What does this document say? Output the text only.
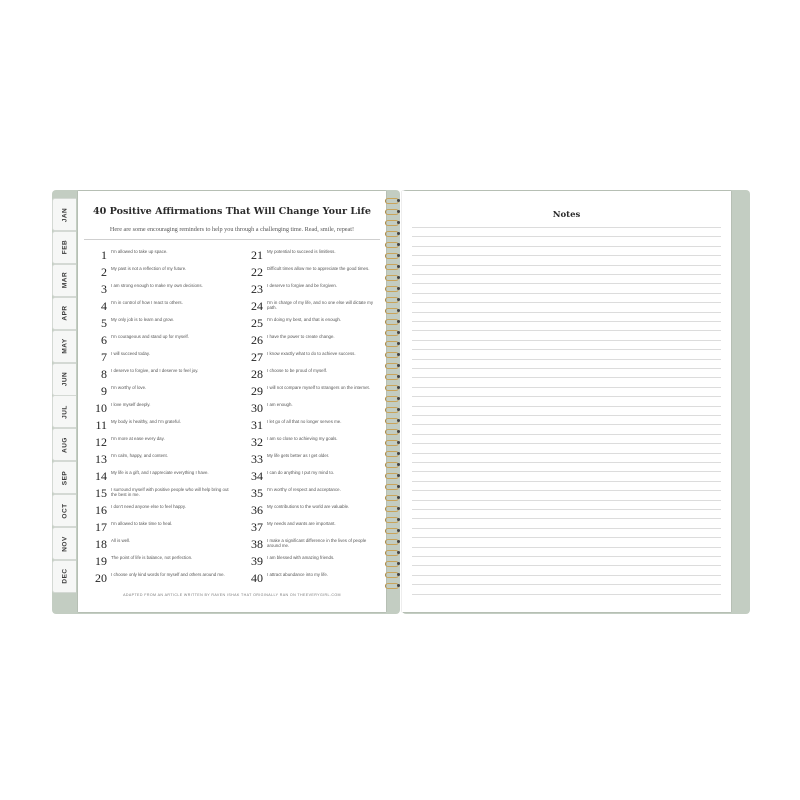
JAN
FEB
MAR
APR
MAY
JUN
JUL
AUG
SEP
OCT
NOV
DEC
40 Positive Affirmations That Will Change Your Life
Here are some encouraging reminders to help you through a challenging time. Read, smile, repeat!
1 I'm allowed to take up space.
2 My past is not a reflection of my future.
3 I am strong enough to make my own decisions.
4 I'm in control of how I react to others.
5 My only job is to learn and grow.
6 I'm courageous and stand up for myself.
7 I will succeed today.
8 I deserve to forgive, and I deserve to feel joy.
9 I'm worthy of love.
10 I love myself deeply.
11 My body is healthy, and I'm grateful.
12 I'm more at ease every day.
13 I'm calm, happy, and content.
14 My life is a gift, and I appreciate everything I have.
15 I surround myself with positive people who will help bring out the best in me.
16 I don't need anyone else to feel happy.
17 I'm allowed to take time to heal.
18 All is well.
19 The point of life is balance, not perfection.
20 I choose only kind words for myself and others around me.
21 My potential to succeed is limitless.
22 Difficult times allow me to appreciate the good times.
23 I deserve to forgive and be forgiven.
24 I'm in charge of my life, and no one else will dictate my path.
25 I'm doing my best, and that is enough.
26 I have the power to create change.
27 I know exactly what to do to achieve success.
28 I choose to be proud of myself.
29 I will not compare myself to strangers on the internet.
30 I am enough.
31 I let go of all that no longer serves me.
32 I am so close to achieving my goals.
33 My life gets better as I get older.
34 I can do anything I put my mind to.
35 I'm worthy of respect and acceptance.
36 My contributions to the world are valuable.
37 My needs and wants are important.
38 I make a significant difference in the lives of people around me.
39 I am blessed with amazing friends.
40 I attract abundance into my life.
ADAPTED FROM AN ARTICLE WRITTEN BY RAVEN ISHAK THAT ORIGINALLY RAN ON THEEVERYGIRL.COM
Notes
